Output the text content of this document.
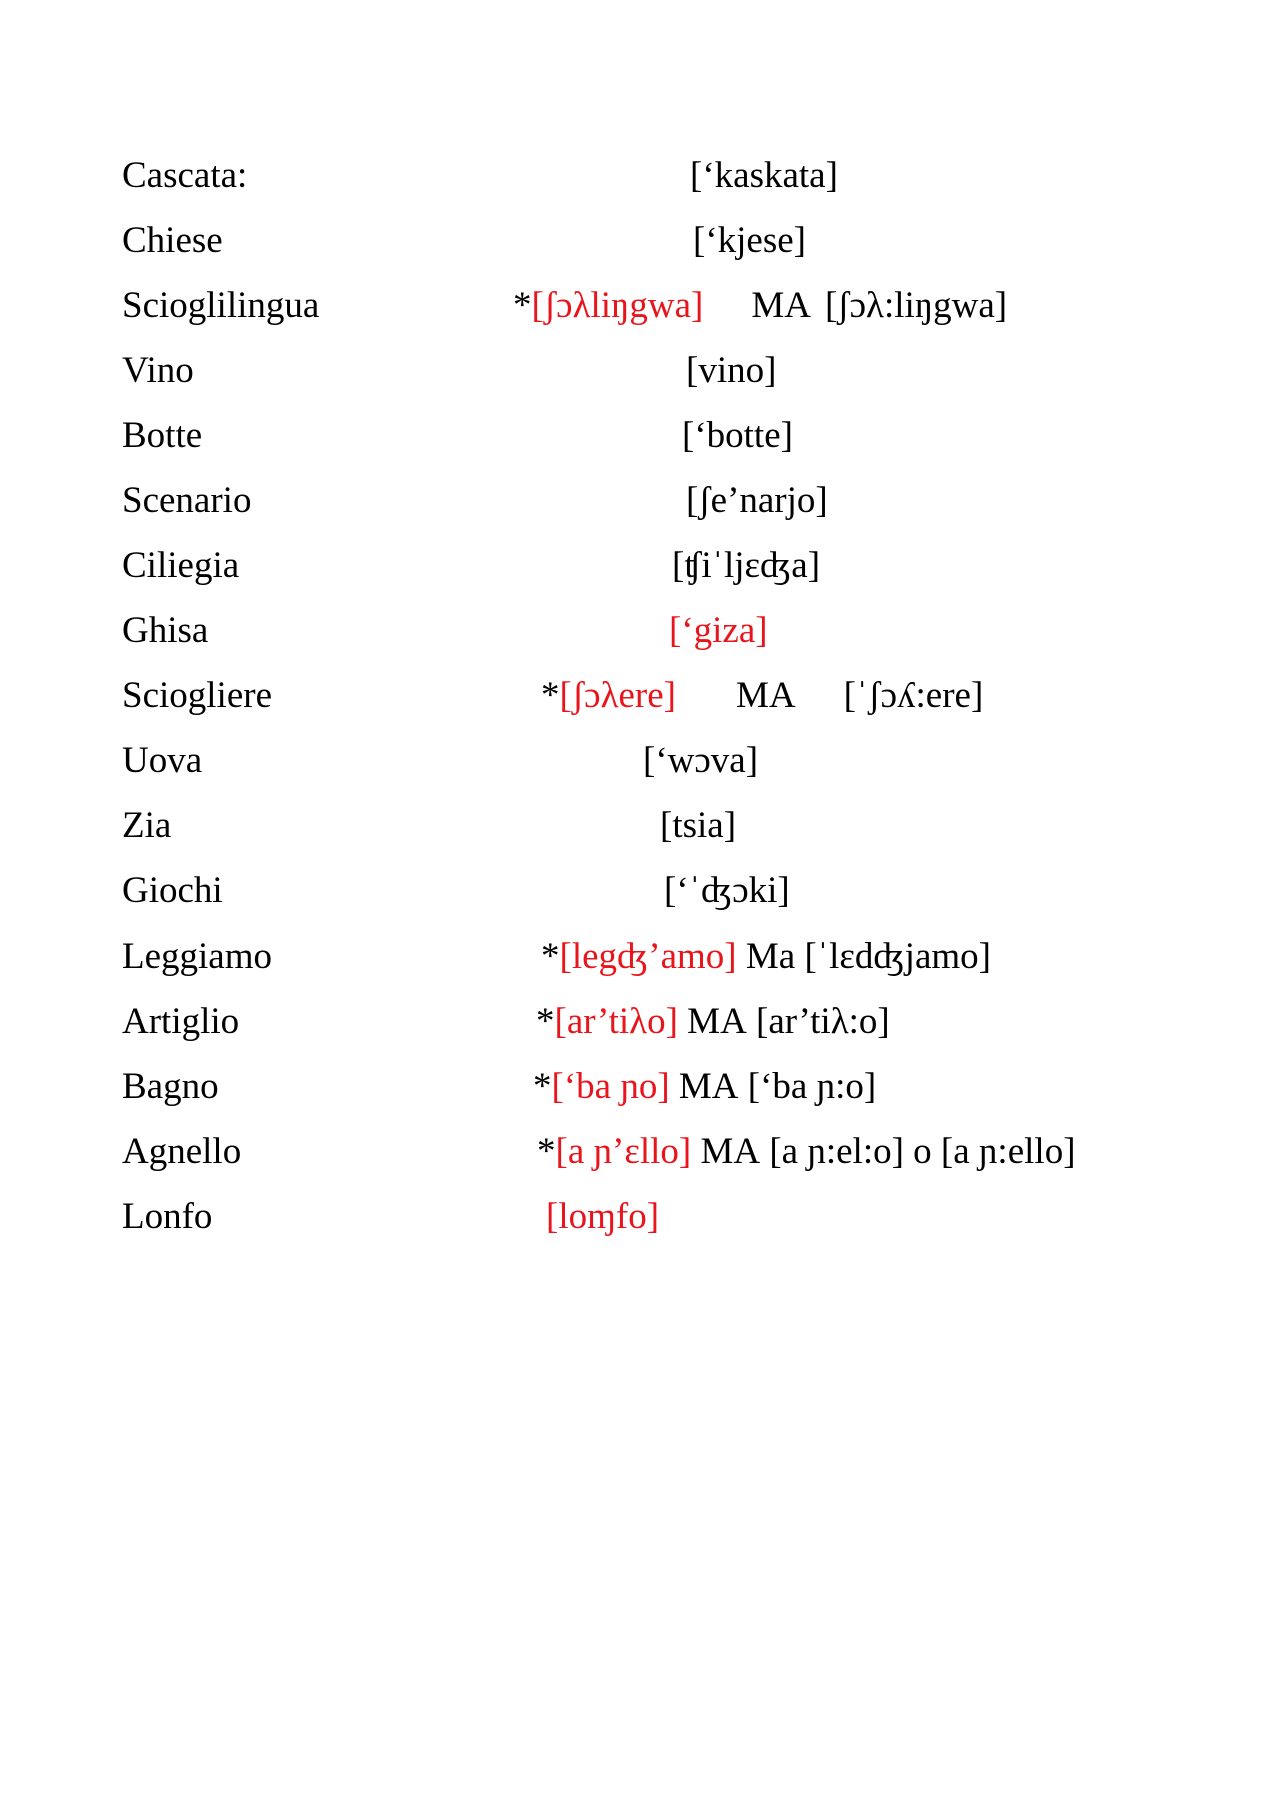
Cascata:	[‘kaskata]
Chiese	[‘kjese]
Scioglilingua	*[ʃɔλliŋgwa] MA [ʃɔλ:liŋgwa]
Vino	[vino]
Botte	[‘botte]
Scenario	[ʃe’narjo]
Ciliegia	[ʧiˈljɛʤa]
Ghisa	[‘giza]
Sciogliere	*[ʃɔλere] MA [ˈʃɔʎ:ere]
Uova	[‘wɔva]
Zia	[tsia]
Giochi	[‘ˈʤɔki]
Leggiamo	*[legʤ’amo] Ma [ˈlɛdʤjamo]
Artiglio	*[ar’tiλo] MA [ar’tiλ:o]
Bagno	*[‘ba ɲo] MA [‘ba ɲ:o]
Agnello	*[a ɲ’ɛllo] MA [a ɲ:el:o] o [a ɲ:ello]
Lonfo	[loɱfo]
